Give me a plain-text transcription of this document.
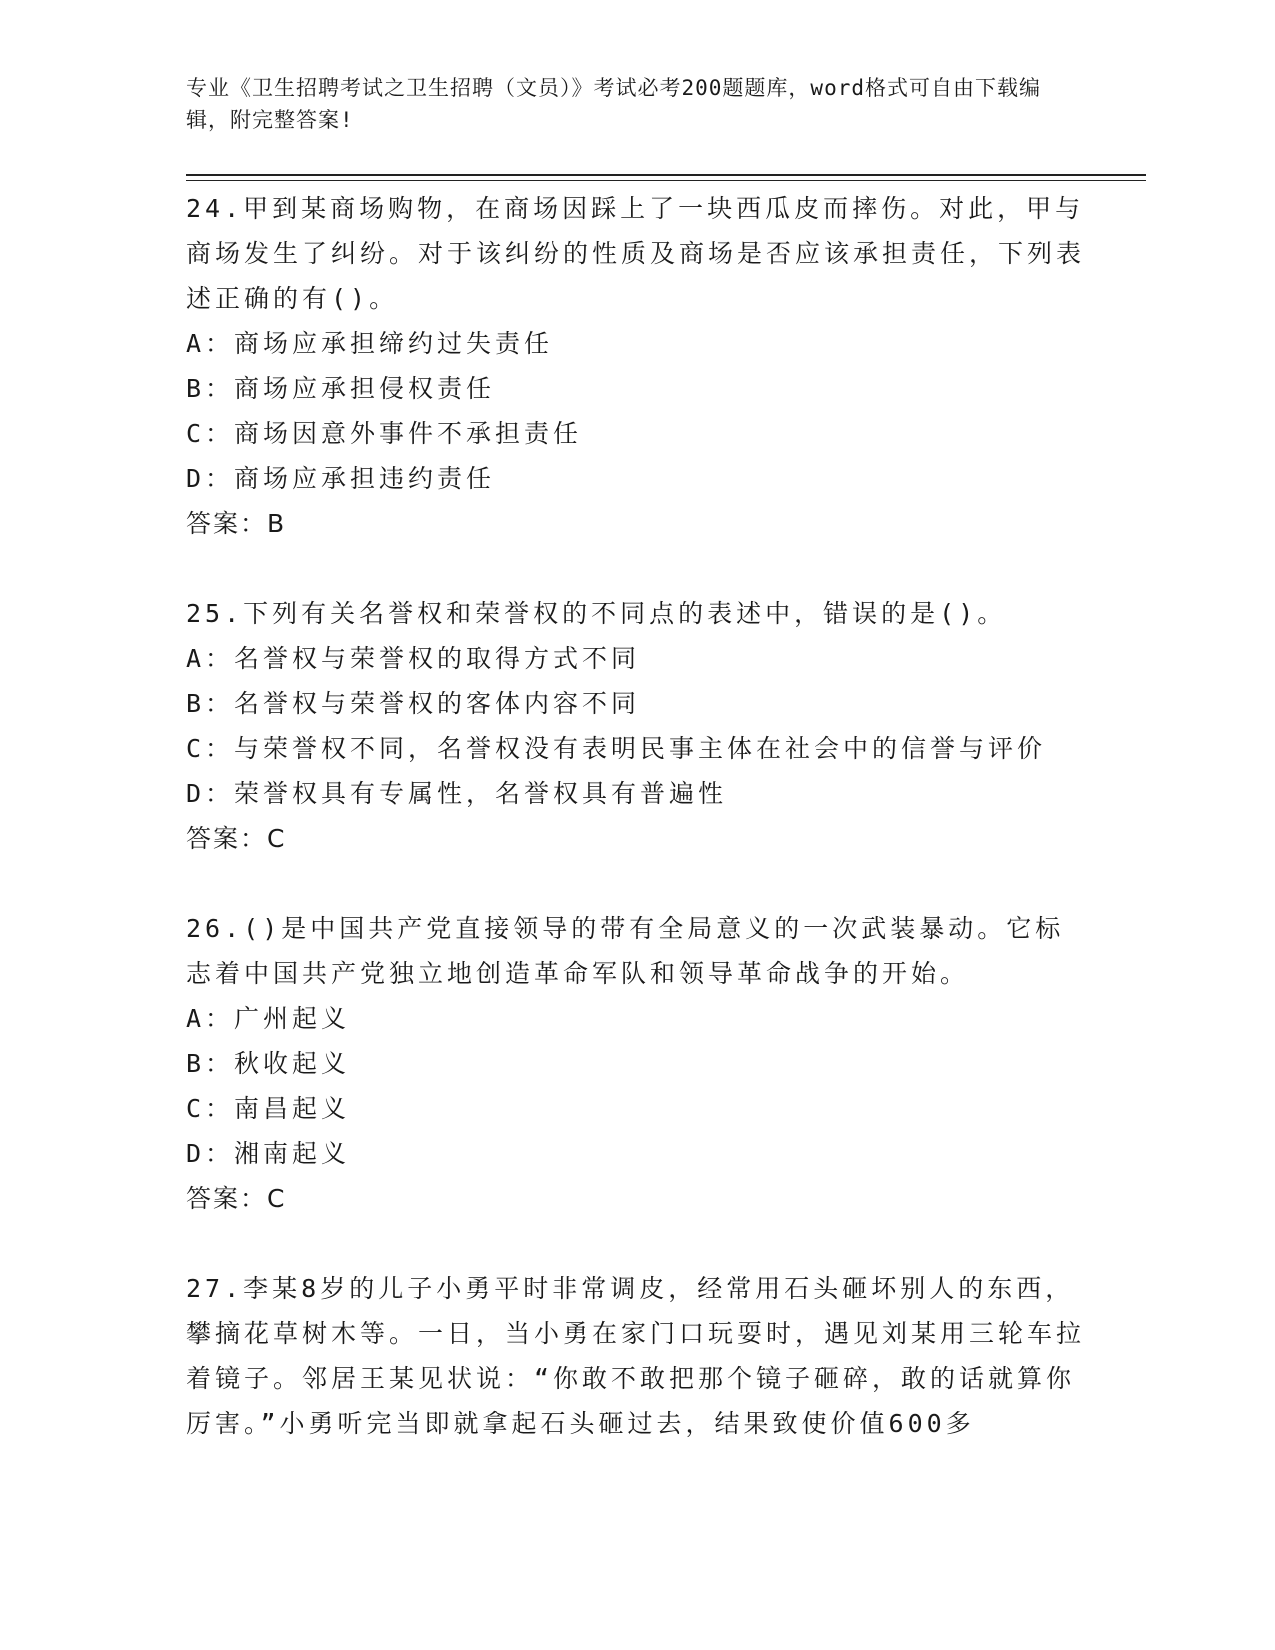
专业《卫生招聘考试之卫生招聘（文员）》考试必考200题题库，word格式可自由下载编辑，附完整答案!

24.甲到某商场购物，在商场因踩上了一块西瓜皮而摔伤。对此，甲与商场发生了纠纷。对于该纠纷的性质及商场是否应该承担责任，下列表述正确的有()。

A：商场应承担缔约过失责任

B：商场应承担侵权责任

C：商场因意外事件不承担责任

D：商场应承担违约责任

答案：B

25.下列有关名誉权和荣誉权的不同点的表述中，错误的是()。

A：名誉权与荣誉权的取得方式不同

B：名誉权与荣誉权的客体内容不同

C：与荣誉权不同，名誉权没有表明民事主体在社会中的信誉与评价

D：荣誉权具有专属性，名誉权具有普遍性

答案：C

26.()是中国共产党直接领导的带有全局意义的一次武装暴动。它标志着中国共产党独立地创造革命军队和领导革命战争的开始。

A：广州起义

B：秋收起义

C：南昌起义

D：湘南起义

答案：C

27.李某8岁的儿子小勇平时非常调皮，经常用石头砸坏别人的东西，攀摘花草树木等。一日，当小勇在家门口玩耍时，遇见刘某用三轮车拉着镜子。邻居王某见状说：“你敢不敢把那个镜子砸碎，敢的话就算你厉害。”小勇听完当即就拿起石头砸过去，结果致使价值600多
